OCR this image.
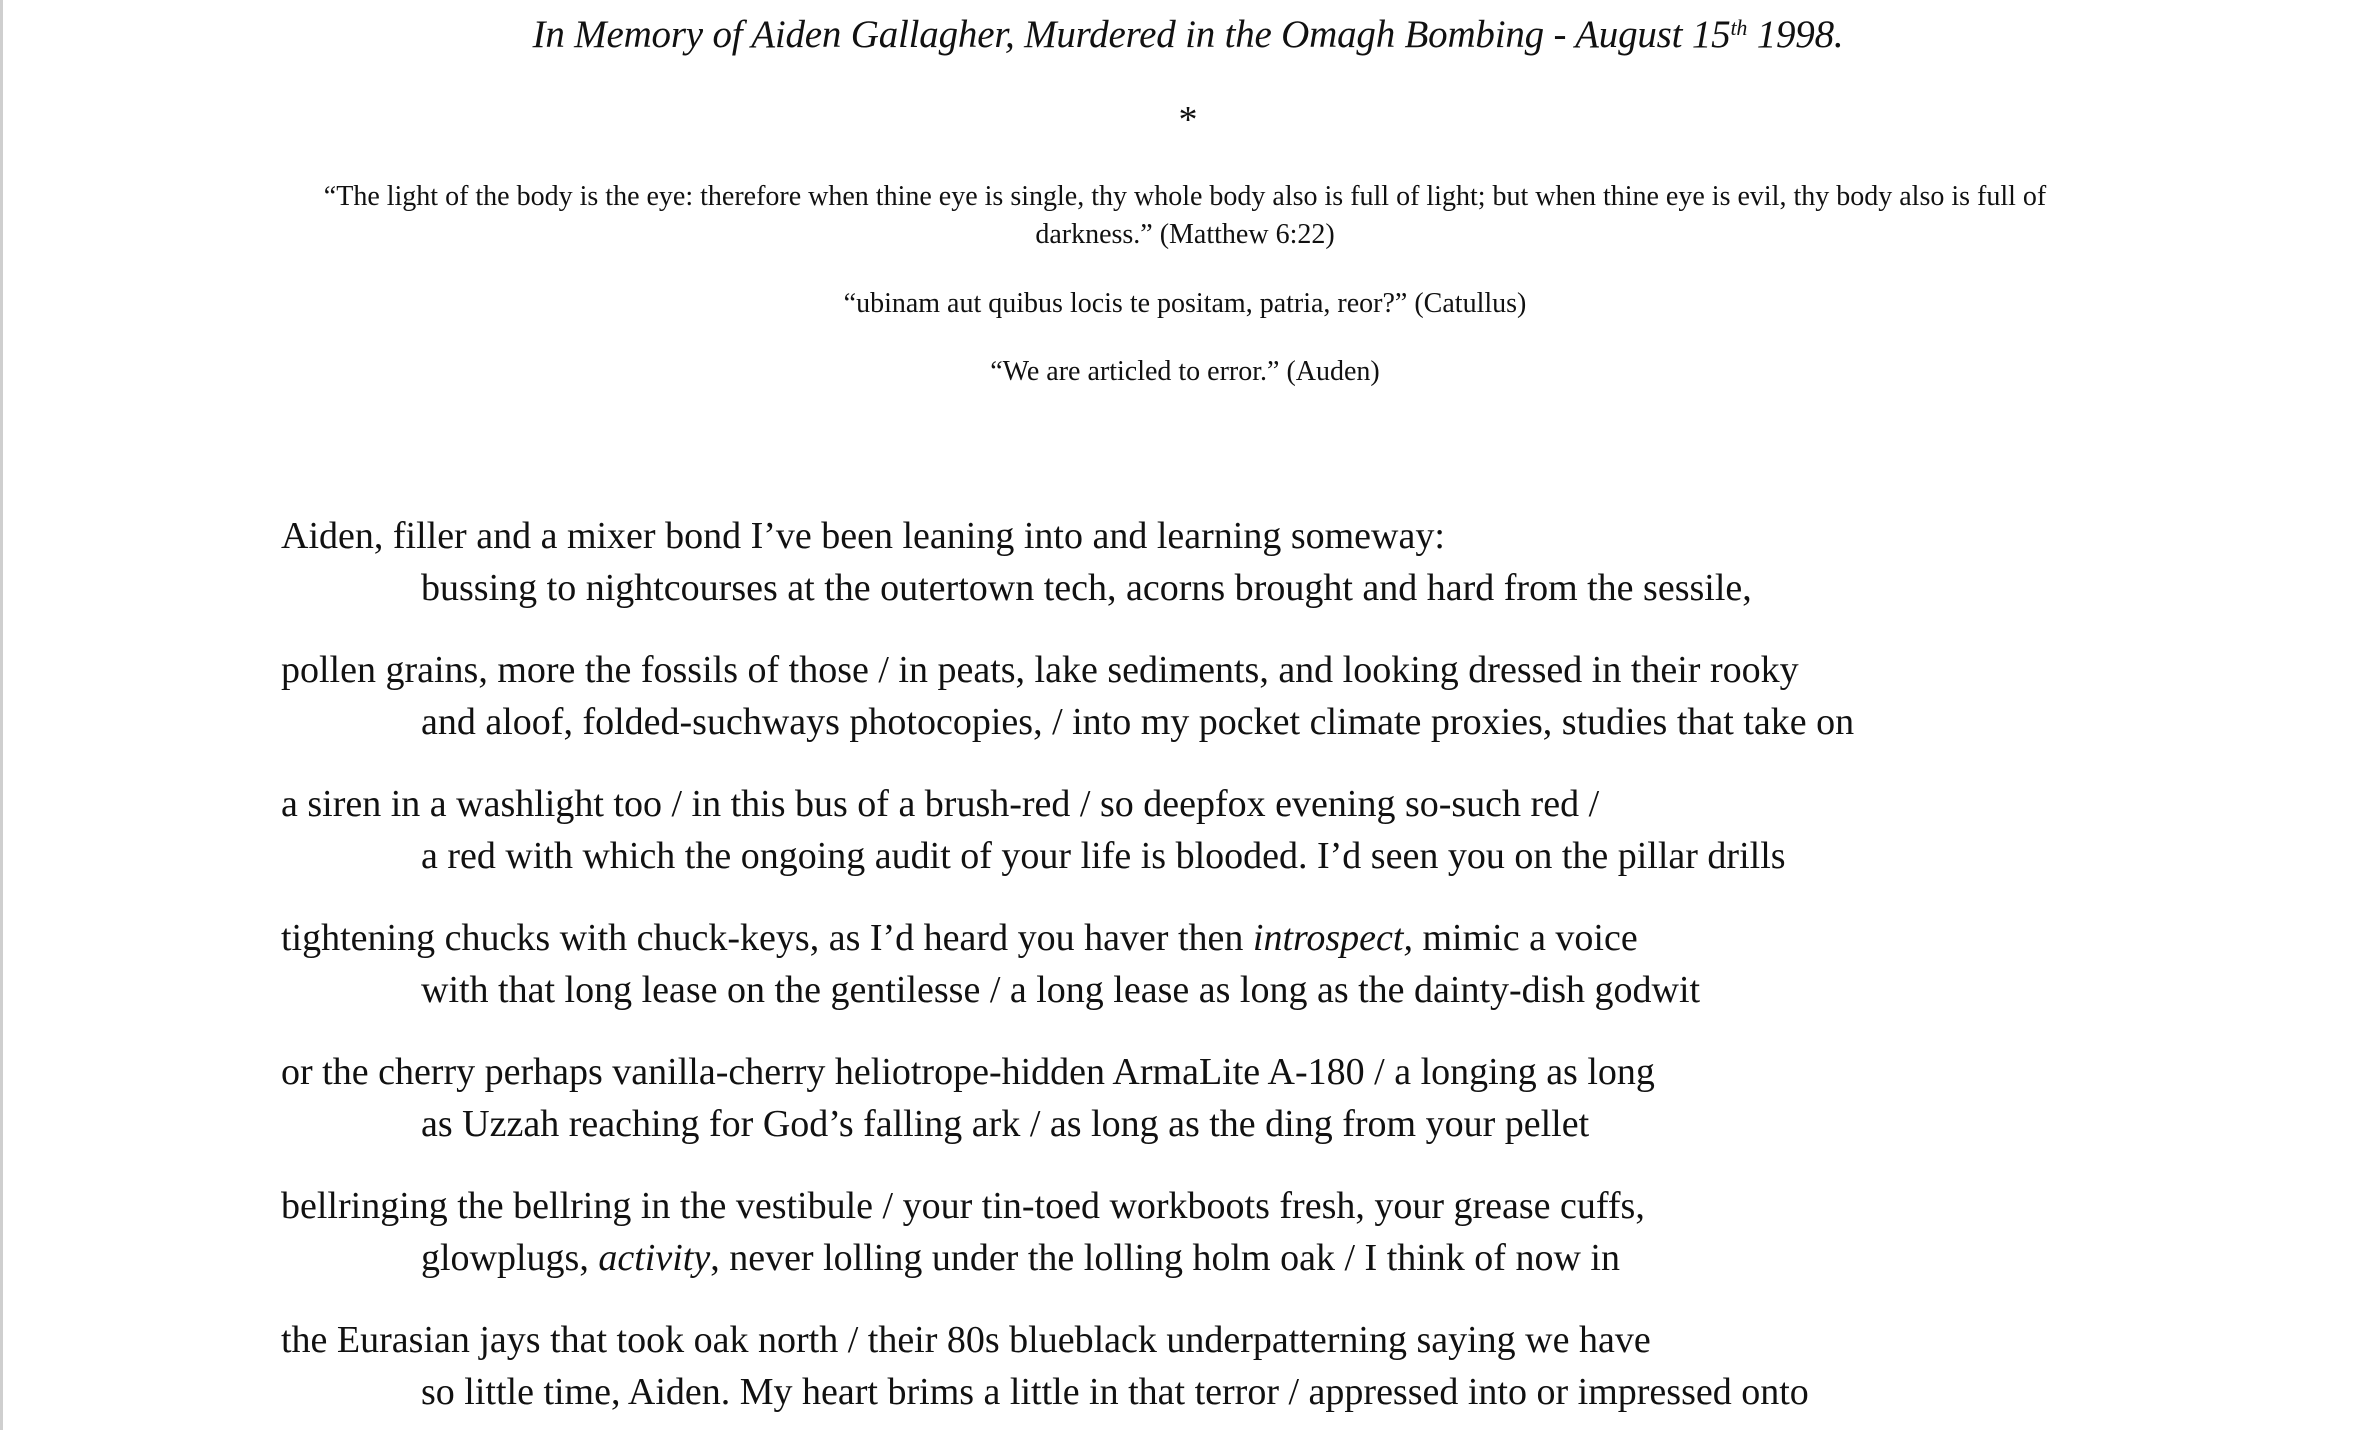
In Memory of Aiden Gallagher, Murdered in the Omagh Bombing - August 15th 1998.
*
“The light of the body is the eye: therefore when thine eye is single, thy whole body also is full of light; but when thine eye is evil, thy body also is full of darkness.” (Matthew 6:22)
“ubinam aut quibus locis te positam, patria, reor?” (Catullus)
“We are articled to error.” (Auden)
Aiden, filler and a mixer bond I’ve been leaning into and learning someway:
bussing to nightcourses at the outertown tech, acorns brought and hard from the sessile,
pollen grains, more the fossils of those / in peats, lake sediments, and looking dressed in their rooky
and aloof, folded-suchways photocopies, / into my pocket climate proxies, studies that take on
a siren in a washlight too / in this bus of a brush-red / so deepfox evening so-such red /
a red with which the ongoing audit of your life is blooded. I’d seen you on the pillar drills
tightening chucks with chuck-keys, as I’d heard you haver then introspect, mimic a voice
with that long lease on the gentilesse / a long lease as long as the dainty-dish godwit
or the cherry perhaps vanilla-cherry heliotrope-hidden ArmaLite A-180 / a longing as long
as Uzzah reaching for God’s falling ark / as long as the ding from your pellet
bellringing the bellring in the vestibule / your tin-toed workboots fresh, your grease cuffs,
glowplugs, activity, never lolling under the lolling holm oak / I think of now in
the Eurasian jays that took oak north / their 80s blueblack underpatterning saying we have
so little time, Aiden. My heart brims a little in that terror / appressed into or impressed onto
